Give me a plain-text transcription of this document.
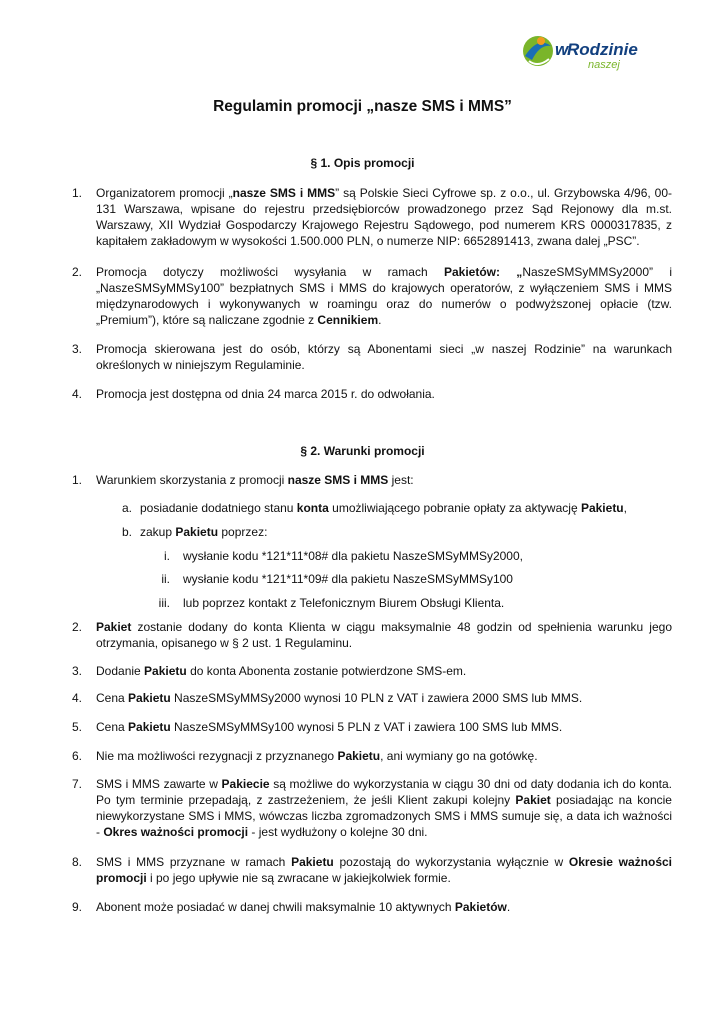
w
Rodzinie
naszej
Regulamin promocji „nasze SMS i MMS”
§ 1. Opis promocji
1. Organizatorem promocji „nasze SMS i MMS” są Polskie Sieci Cyfrowe sp. z o.o., ul. Grzybowska 4/96, 00-131 Warszawa, wpisane do rejestru przedsiębiorców prowadzonego przez Sąd Rejonowy dla m.st. Warszawy, XII Wydział Gospodarczy Krajowego Rejestru Sądowego, pod numerem KRS 0000317835, z kapitałem zakładowym w wysokości 1.500.000 PLN, o numerze NIP: 6652891413, zwana dalej „PSC”.
2. Promocja dotyczy możliwości wysyłania w ramach Pakietów: „NaszeSMSyMMSy2000” i „NaszeSMSyMMSy100” bezpłatnych SMS i MMS do krajowych operatorów, z wyłączeniem SMS i MMS międzynarodowych i wykonywanych w roamingu oraz do numerów o podwyższonej opłacie (tzw. „Premium”), które są naliczane zgodnie z Cennikiem.
3. Promocja skierowana jest do osób, którzy są Abonentami sieci „w naszej Rodzinie” na warunkach określonych w niniejszym Regulaminie.
4. Promocja jest dostępna od dnia 24 marca 2015 r. do odwołania.
§ 2. Warunki promocji
1. Warunkiem skorzystania z promocji nasze SMS i MMS jest:
a. posiadanie dodatniego stanu konta umożliwiającego pobranie opłaty za aktywację Pakietu,
b. zakup Pakietu poprzez:
i. wysłanie kodu *121*11*08# dla pakietu NaszeSMSyMMSy2000,
ii. wysłanie kodu *121*11*09# dla pakietu NaszeSMSyMMSy100
iii. lub poprzez kontakt z Telefonicznym Biurem Obsługi Klienta.
2. Pakiet zostanie dodany do konta Klienta w ciągu maksymalnie 48 godzin od spełnienia warunku jego otrzymania, opisanego w § 2 ust. 1 Regulaminu.
3. Dodanie Pakietu do konta Abonenta zostanie potwierdzone SMS-em.
4. Cena Pakietu NaszeSMSyMMSy2000 wynosi 10 PLN z VAT i zawiera 2000 SMS lub MMS.
5. Cena Pakietu NaszeSMSyMMSy100 wynosi 5 PLN z VAT i zawiera 100 SMS lub MMS.
6. Nie ma możliwości rezygnacji z przyznanego Pakietu, ani wymiany go na gotówkę.
7. SMS i MMS zawarte w Pakiecie są możliwe do wykorzystania w ciągu 30 dni od daty dodania ich do konta. Po tym terminie przepadają, z zastrzeżeniem, że jeśli Klient zakupi kolejny Pakiet posiadając na koncie niewykorzystane SMS i MMS, wówczas liczba zgromadzonych SMS i MMS sumuje się, a data ich ważności - Okres ważności promocji - jest wydłużony o kolejne 30 dni.
8. SMS i MMS przyznane w ramach Pakietu pozostają do wykorzystania wyłącznie w Okresie ważności promocji i po jego upływie nie są zwracane w jakiejkolwiek formie.
9. Abonent może posiadać w danej chwili maksymalnie 10 aktywnych Pakietów.
